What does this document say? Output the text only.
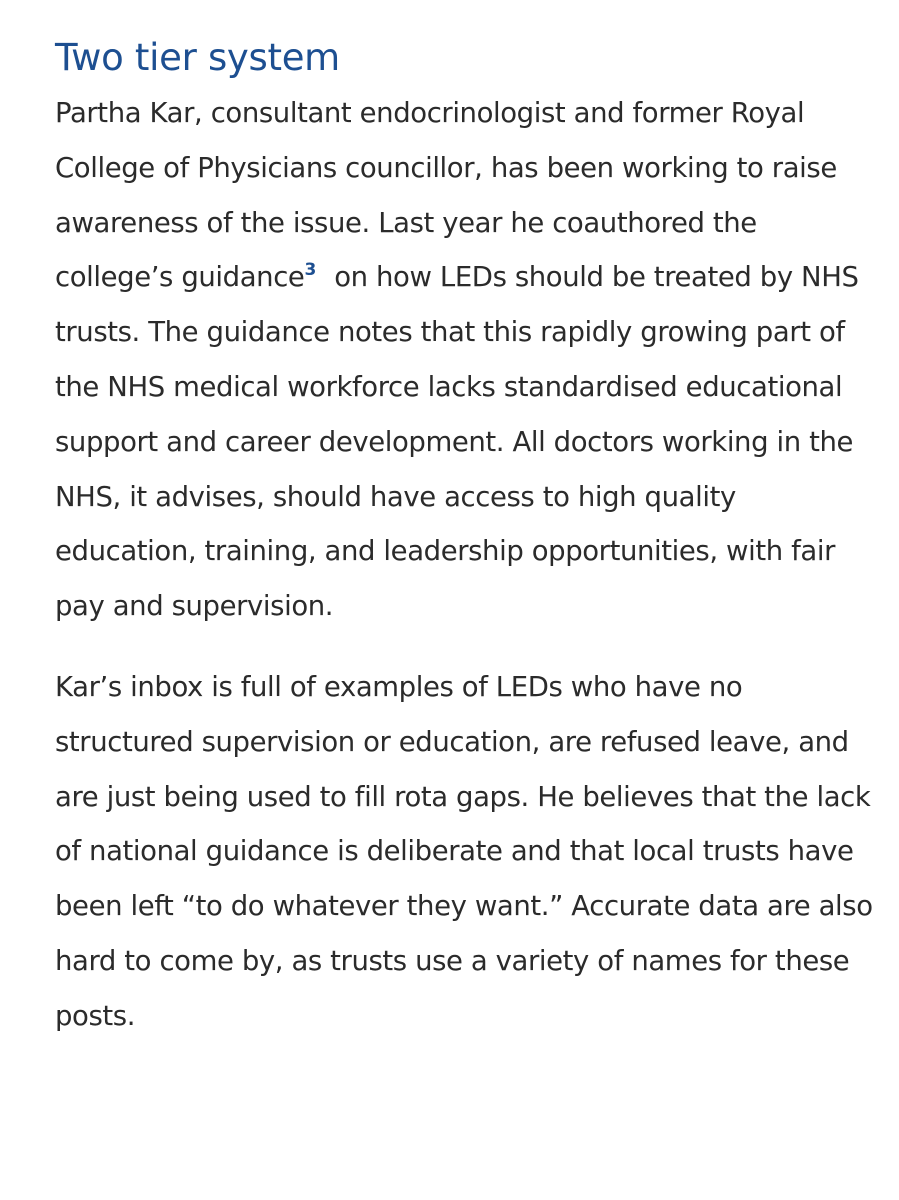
Two tier system

Partha Kar, consultant endocrinologist and former Royal College of Physicians councillor, has been working to raise awareness of the issue. Last year he coauthored the college’s guidance$^3$ on how LEDs should be treated by NHS trusts. The guidance notes that this rapidly growing part of the NHS medical workforce lacks standardised educational support and career development. All doctors working in the NHS, it advises, should have access to high quality education, training, and leadership opportunities, with fair pay and supervision.

Kar’s inbox is full of examples of LEDs who have no structured supervision or education, are refused leave, and are just being used to fill rota gaps. He believes that the lack of national guidance is deliberate and that local trusts have been left “to do whatever they want.” Accurate data are also hard to come by, as trusts use a variety of names for these posts.
